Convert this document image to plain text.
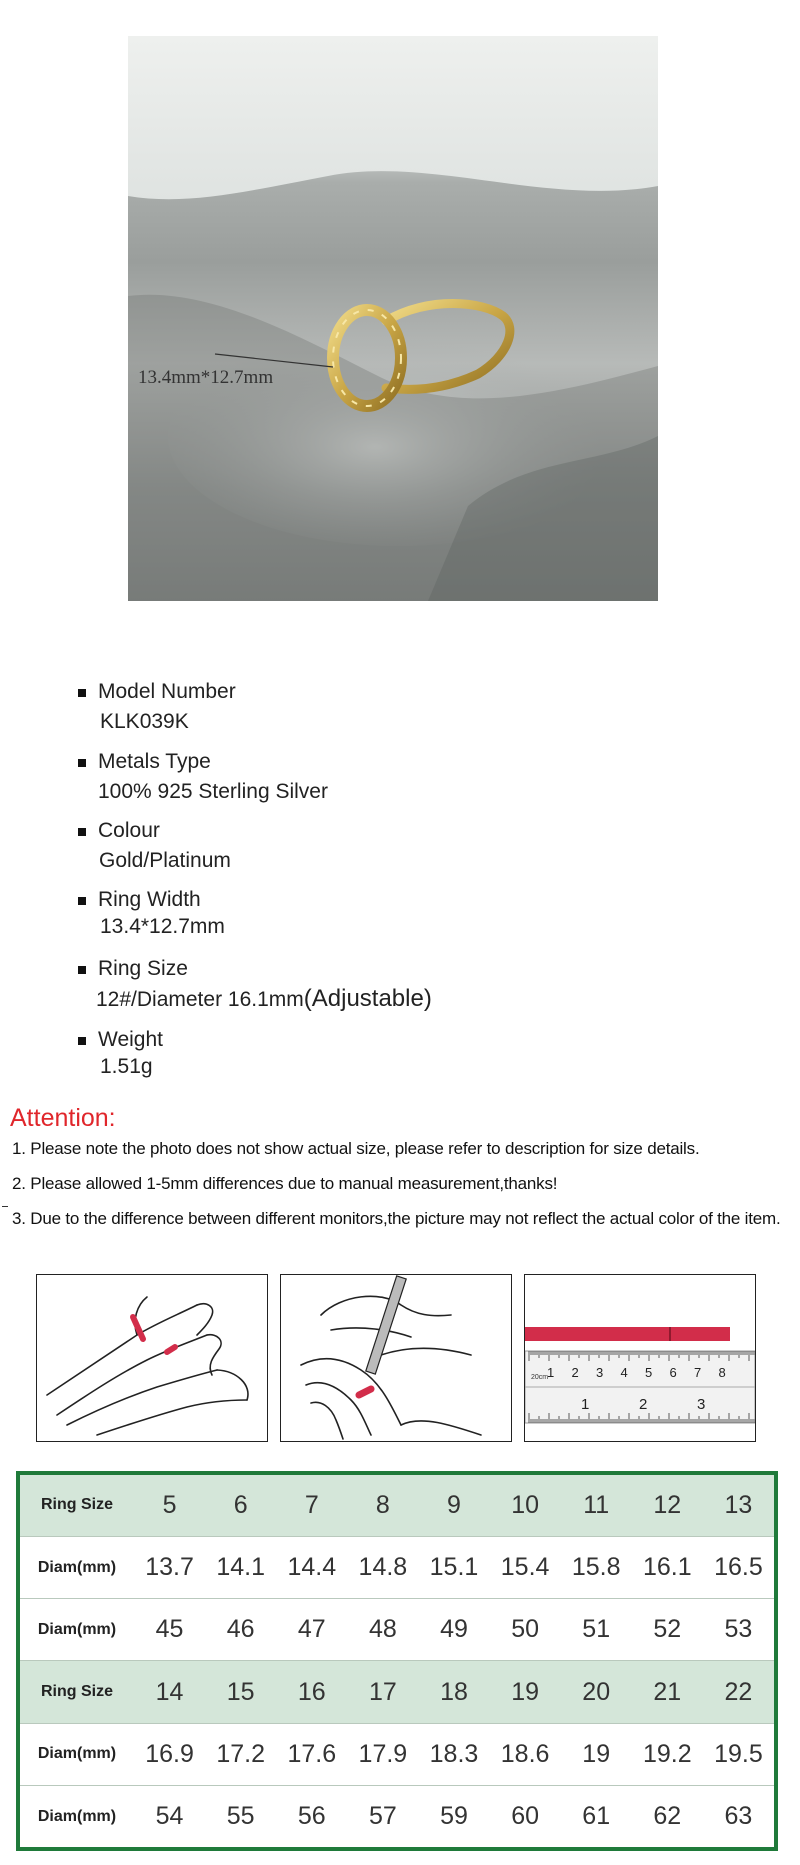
13.4mm*12.7mm
Model Number
KLK039K
Metals Type
100% 925 Sterling Silver
Colour
Gold/Platinum
Ring Width
13.4*12.7mm
Ring Size
12#/Diameter 16.1mm(Adjustable)
Weight
1.51g
Attention:
1. Please note the photo does not show actual size, please refer to description for size details.
2. Please allowed 1-5mm differences due to manual measurement,thanks!
3. Due to the difference between different monitors,the picture may not reflect the actual color of the item.
20cm
1 2 3 4 5 6 7 8
1	2	3
Ring Size	5	6	7	8	9	10	11	12	13
Diam(mm)	13.7	14.1	14.4	14.8	15.1	15.4	15.8	16.1	16.5
Diam(mm)	45	46	47	48	49	50	51	52	53
Ring Size	14	15	16	17	18	19	20	21	22
Diam(mm)	16.9	17.2	17.6	17.9	18.3	18.6	19	19.2	19.5
Diam(mm)	54	55	56	57	59	60	61	62	63
